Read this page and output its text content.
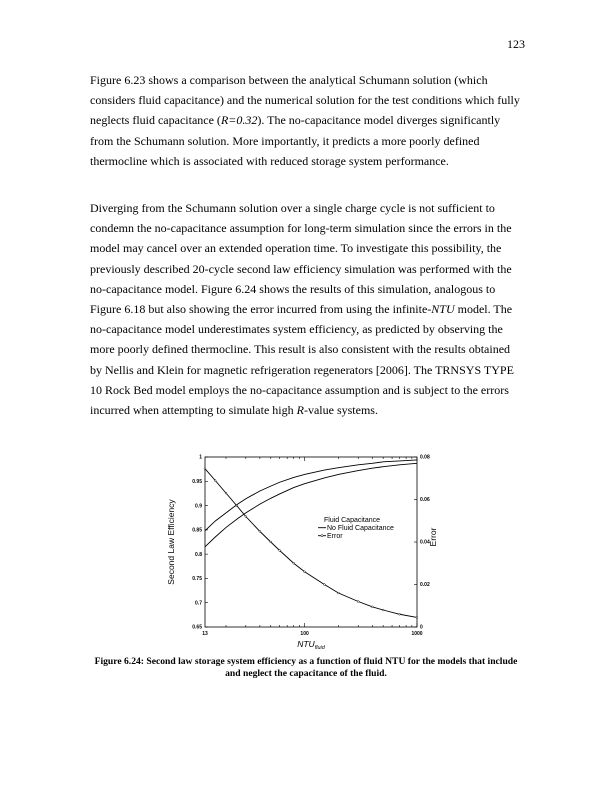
123

Figure 6.23 shows a comparison between the analytical Schumann solution (which considers fluid capacitance) and the numerical solution for the test conditions which fully neglects fluid capacitance (R=0.32). The no-capacitance model diverges significantly from the Schumann solution. More importantly, it predicts a more poorly defined thermocline which is associated with reduced storage system performance.

Diverging from the Schumann solution over a single charge cycle is not sufficient to condemn the no-capacitance assumption for long-term simulation since the errors in the model may cancel over an extended operation time. To investigate this possibility, the previously described 20-cycle second law efficiency simulation was performed with the no-capacitance model. Figure 6.24 shows the results of this simulation, analogous to Figure 6.18 but also showing the error incurred from using the infinite-NTU model. The no-capacitance model underestimates system efficiency, as predicted by observing the more poorly defined thermocline. This result is also consistent with the results obtained by Nellis and Klein for magnetic refrigeration regenerators [2006]. The TRNSYS TYPE 10 Rock Bed model employs the no-capacitance assumption and is subject to the errors incurred when attempting to simulate high R-value systems.

0.65
0.7
0.75
0.8
0.85
0.9
0.95
1
0
0.02
0.04
0.06
0.08
13	100	1000
$NTU_{fluid}$
Second Law Efficiency	Error
Fluid Capacitance
No Fluid Capacitance
Error
Figure 6.24: Second law storage system efficiency as a function of fluid NTU for the models that include and neglect the capacitance of the fluid.
